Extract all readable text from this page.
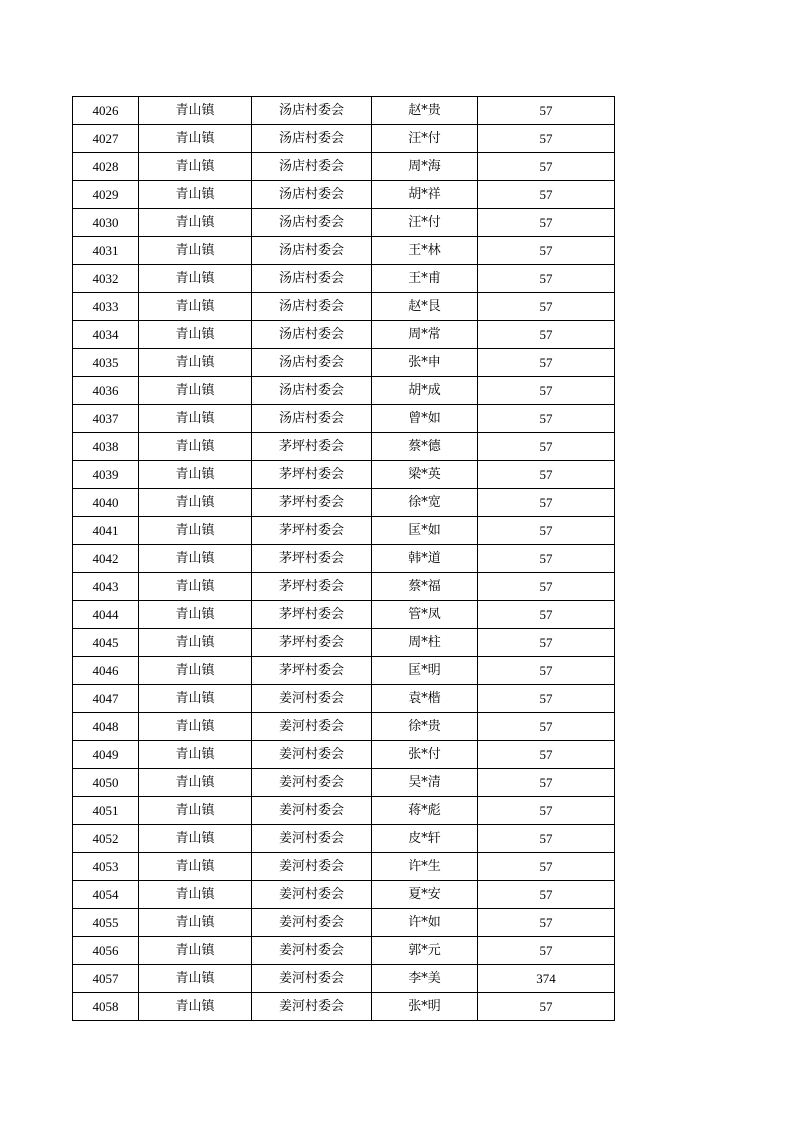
4026	青山镇	汤店村委会	赵*贵	57
4027	青山镇	汤店村委会	汪*付	57
4028	青山镇	汤店村委会	周*海	57
4029	青山镇	汤店村委会	胡*祥	57
4030	青山镇	汤店村委会	汪*付	57
4031	青山镇	汤店村委会	王*林	57
4032	青山镇	汤店村委会	王*甫	57
4033	青山镇	汤店村委会	赵*艮	57
4034	青山镇	汤店村委会	周*常	57
4035	青山镇	汤店村委会	张*申	57
4036	青山镇	汤店村委会	胡*成	57
4037	青山镇	汤店村委会	曾*如	57
4038	青山镇	茅坪村委会	蔡*德	57
4039	青山镇	茅坪村委会	梁*英	57
4040	青山镇	茅坪村委会	徐*宽	57
4041	青山镇	茅坪村委会	匡*如	57
4042	青山镇	茅坪村委会	韩*道	57
4043	青山镇	茅坪村委会	蔡*福	57
4044	青山镇	茅坪村委会	管*凤	57
4045	青山镇	茅坪村委会	周*柱	57
4046	青山镇	茅坪村委会	匡*明	57
4047	青山镇	姜河村委会	袁*楷	57
4048	青山镇	姜河村委会	徐*贵	57
4049	青山镇	姜河村委会	张*付	57
4050	青山镇	姜河村委会	吴*清	57
4051	青山镇	姜河村委会	蒋*彪	57
4052	青山镇	姜河村委会	皮*轩	57
4053	青山镇	姜河村委会	许*生	57
4054	青山镇	姜河村委会	夏*安	57
4055	青山镇	姜河村委会	许*如	57
4056	青山镇	姜河村委会	郭*元	57
4057	青山镇	姜河村委会	李*美	374
4058	青山镇	姜河村委会	张*明	57
